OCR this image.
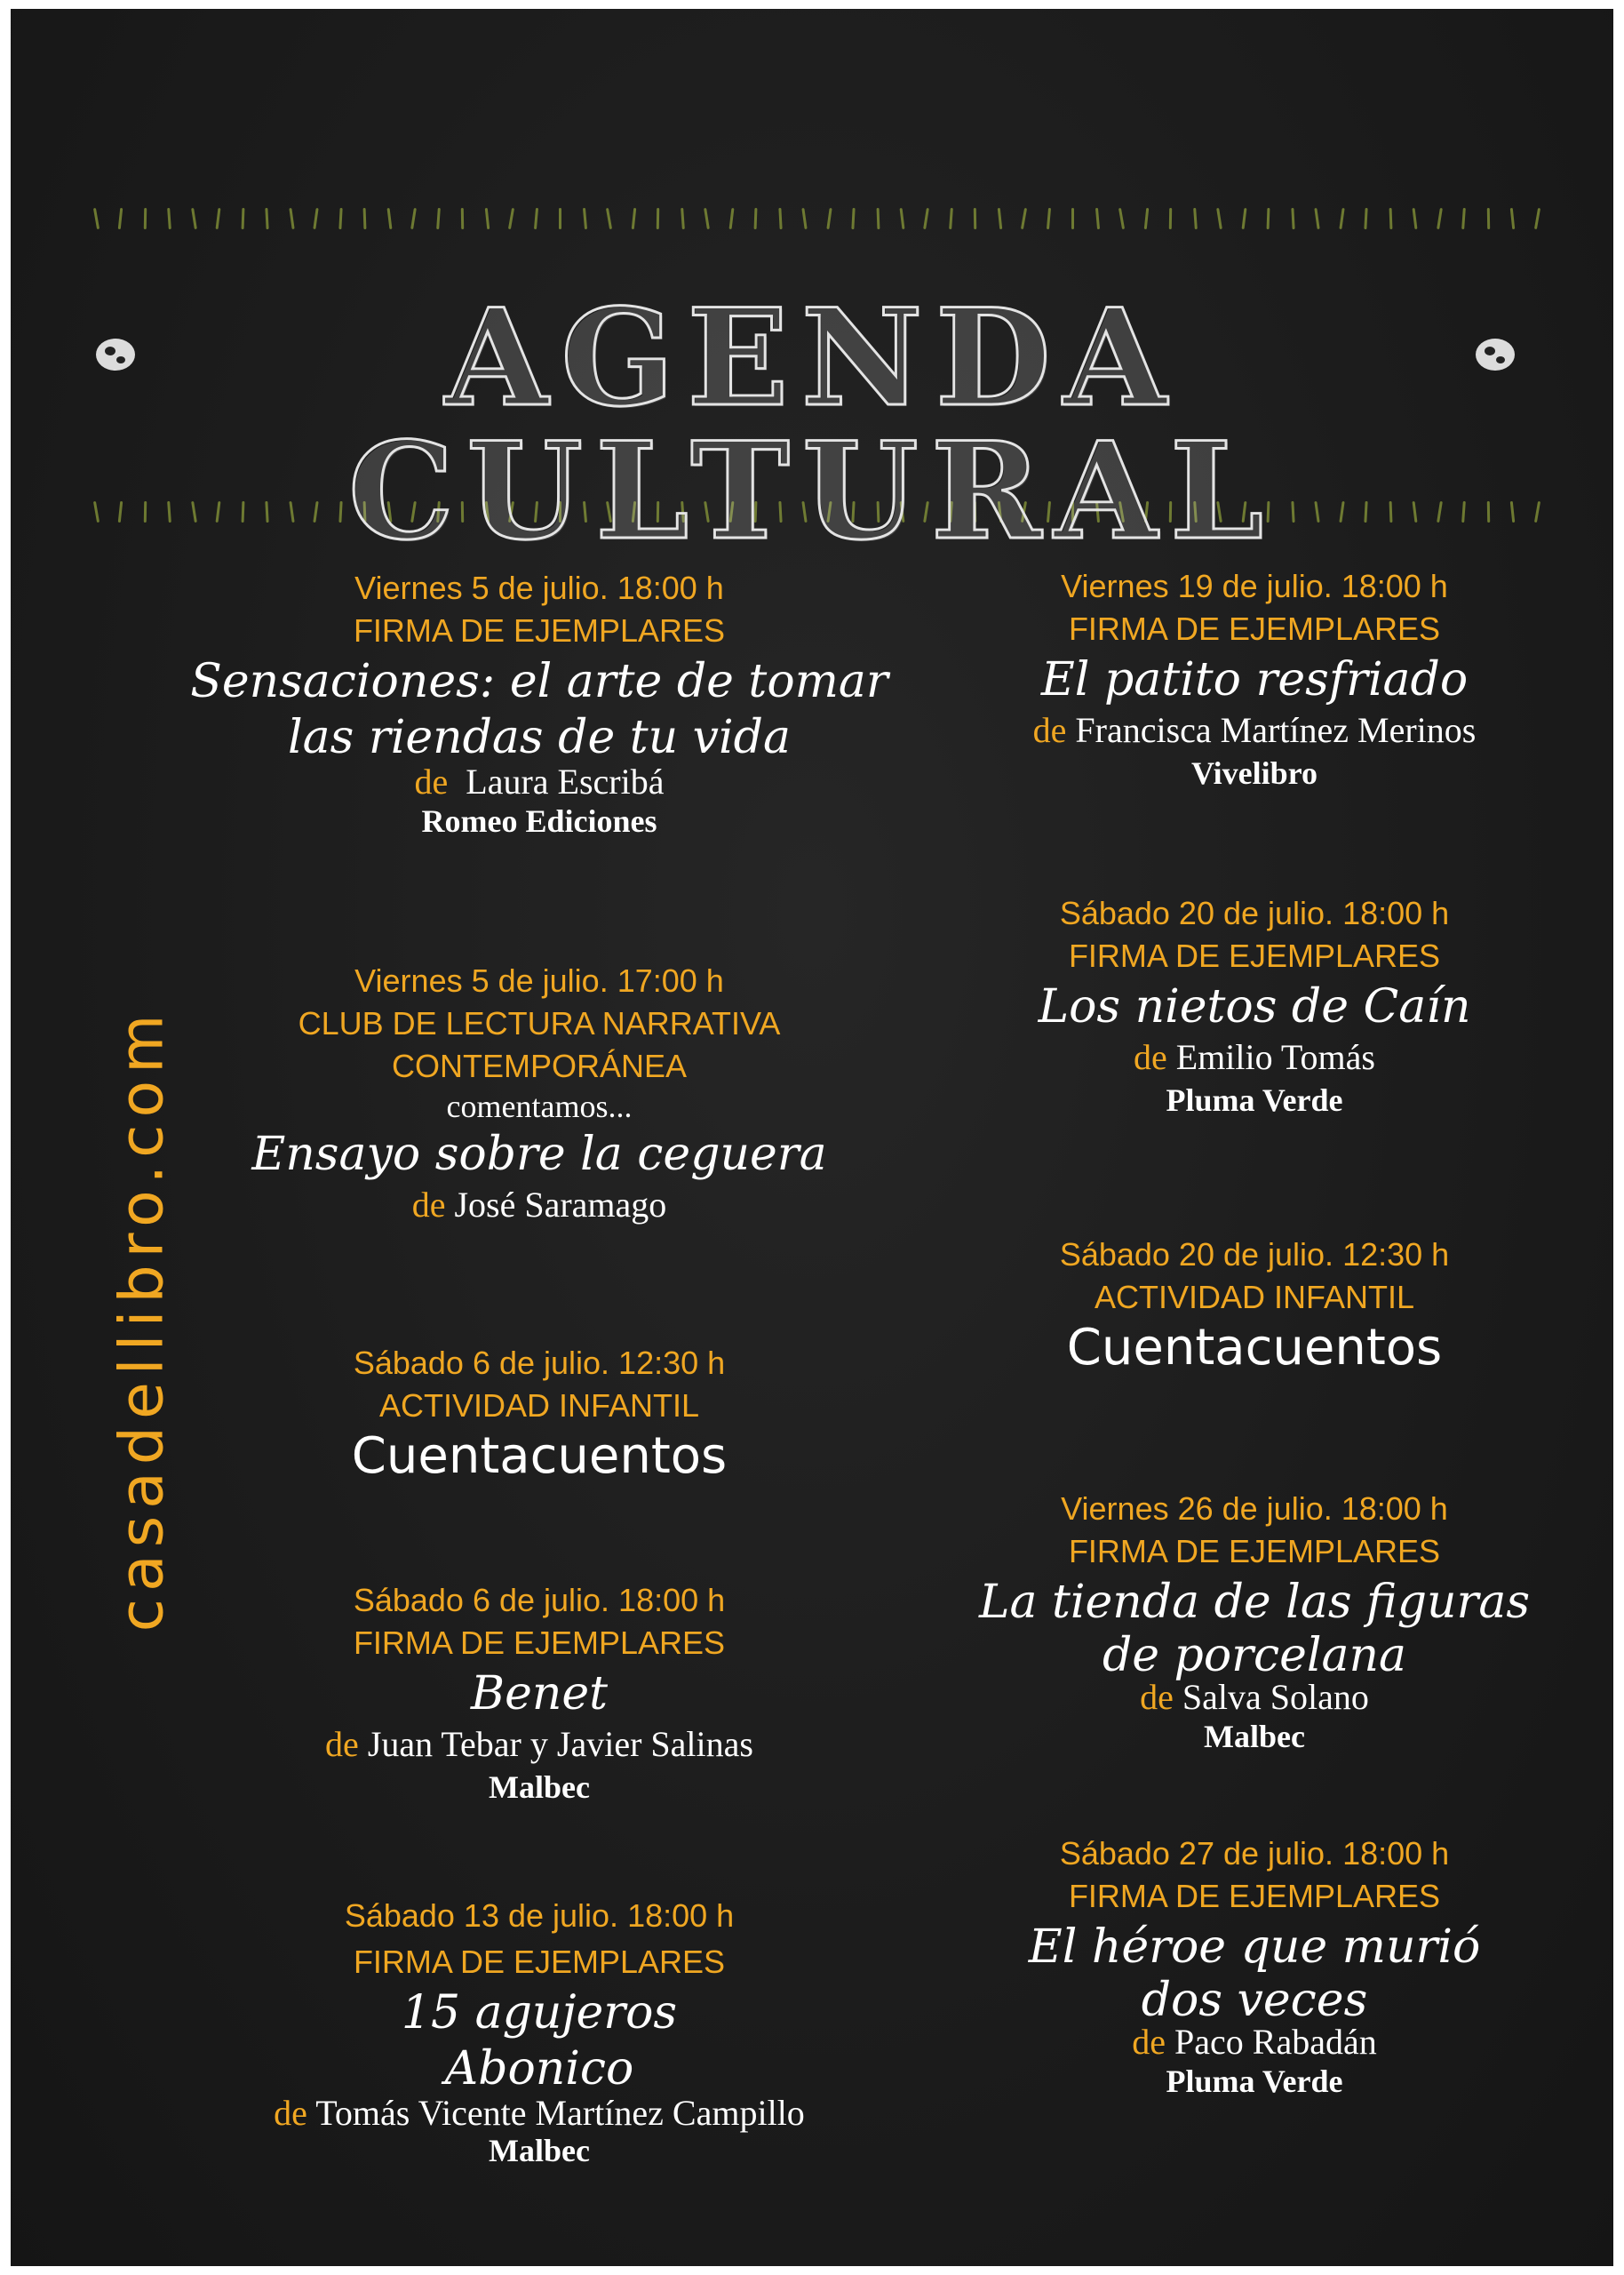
AGENDA CULTURAL
casadellibro.com
Viernes 5 de julio. 18:00 h
FIRMA DE EJEMPLARES
Sensaciones: el arte de tomar
las riendas de tu vida
de Laura Escribá
Romeo Ediciones
Viernes 5 de julio. 17:00 h
CLUB DE LECTURA NARRATIVA
CONTEMPORÁNEA
comentamos...
Ensayo sobre la ceguera
de José Saramago
Sábado 6 de julio. 12:30 h
ACTIVIDAD INFANTIL
Cuentacuentos
Sábado 6 de julio. 18:00 h
FIRMA DE EJEMPLARES
Benet
de Juan Tebar y Javier Salinas
Malbec
Sábado 13 de julio. 18:00 h
FIRMA DE EJEMPLARES
15 agujeros
Abonico
de Tomás Vicente Martínez Campillo
Malbec
Viernes 19 de julio. 18:00 h
FIRMA DE EJEMPLARES
El patito resfriado
de Francisca Martínez Merinos
Vivelibro
Sábado 20 de julio. 18:00 h
FIRMA DE EJEMPLARES
Los nietos de Caín
de Emilio Tomás
Pluma Verde
Sábado 20 de julio. 12:30 h
ACTIVIDAD INFANTIL
Cuentacuentos
Viernes 26 de julio. 18:00 h
FIRMA DE EJEMPLARES
La tienda de las figuras
de porcelana
de Salva Solano
Malbec
Sábado 27 de julio. 18:00 h
FIRMA DE EJEMPLARES
El héroe que murió
dos veces
de Paco Rabadán
Pluma Verde
